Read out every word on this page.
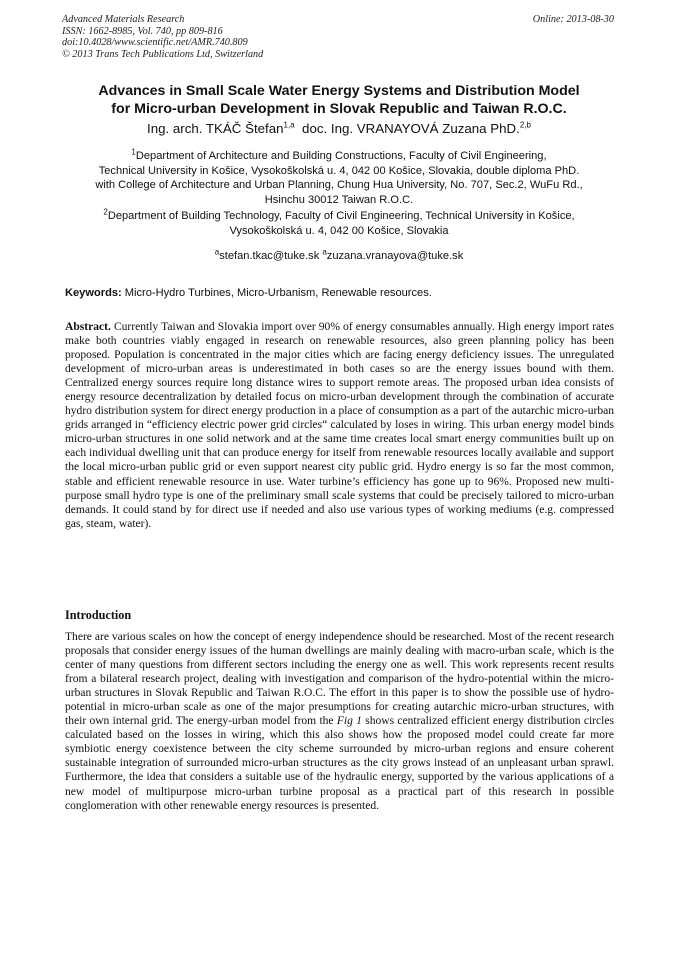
Advanced Materials Research
ISSN: 1662-8985, Vol. 740, pp 809-816
doi:10.4028/www.scientific.net/AMR.740.809
© 2013 Trans Tech Publications Ltd, Switzerland
Online: 2013-08-30
Advances in Small Scale Water Energy Systems and Distribution Model
for Micro-urban Development in Slovak Republic and Taiwan R.O.C.
Ing. arch. TKÁČ Štefan$^{1,a}$ doc. Ing. VRANAYOVÁ Zuzana PhD.$^{2,b}$
$^1$Department of Architecture and Building Constructions, Faculty of Civil Engineering,
Technical University in Košice, Vysokoškolská u. 4, 042 00 Košice, Slovakia, double diploma PhD.
with College of Architecture and Urban Planning, Chung Hua University, No. 707, Sec.2, WuFu Rd.,
Hsinchu 30012 Taiwan R.O.C.
$^2$Department of Building Technology, Faculty of Civil Engineering, Technical University in Košice,
Vysokoškolská u. 4, 042 00 Košice, Slovakia
$^a$stefan.tkac@tuke.sk $^a$zuzana.vranayova@tuke.sk
Keywords: Micro-Hydro Turbines, Micro-Urbanism, Renewable resources.
Abstract. Currently Taiwan and Slovakia import over 90% of energy consumables annually. High energy import rates make both countries viably engaged in research on renewable resources, also green planning policy has been proposed. Population is concentrated in the major cities which are facing energy deficiency issues. The unregulated development of micro-urban areas is underestimated in both cases so are the energy issues bound with them. Centralized energy sources require long distance wires to support remote areas. The proposed urban idea consists of energy resource decentralization by detailed focus on micro-urban development through the combination of accurate hydro distribution system for direct energy production in a place of consumption as a part of the autarchic micro-urban grids arranged in “efficiency electric power grid circles“ calculated by loses in wiring. This urban energy model binds micro-urban structures in one solid network and at the same time creates local smart energy communities built up on each individual dwelling unit that can produce energy for itself from renewable resources locally available and support the local micro-urban public grid or even support nearest city public grid. Hydro energy is so far the most common, stable and efficient renewable resource in use. Water turbine’s efficiency has gone up to 96%. Proposed new multi-purpose small hydro type is one of the preliminary small scale systems that could be precisely tailored to micro-urban demands. It could stand by for direct use if needed and also use various types of working mediums (e.g. compressed gas, steam, water).
Introduction
There are various scales on how the concept of energy independence should be researched. Most of the recent research proposals that consider energy issues of the human dwellings are mainly dealing with macro-urban scale, which is the center of many questions from different sectors including the energy one as well. This work represents recent results from a bilateral research project, dealing with investigation and comparison of the hydro-potential within the micro-urban structures in Slovak Republic and Taiwan R.O.C. The effort in this paper is to show the possible use of hydro-potential in micro-urban scale as one of the major presumptions for creating autarchic micro-urban structures, with their own internal grid. The energy-urban model from the Fig 1 shows centralized efficient energy distribution circles calculated based on the losses in wiring, which this also shows how the proposed model could create far more symbiotic energy coexistence between the city scheme surrounded by micro-urban regions and ensure coherent sustainable integration of surrounded micro-urban structures as the city grows instead of an unpleasant urban sprawl. Furthermore, the idea that considers a suitable use of the hydraulic energy, supported by the various applications of a new model of multipurpose micro-urban turbine proposal as a practical part of this research in possible conglomeration with other renewable energy resources is presented.
